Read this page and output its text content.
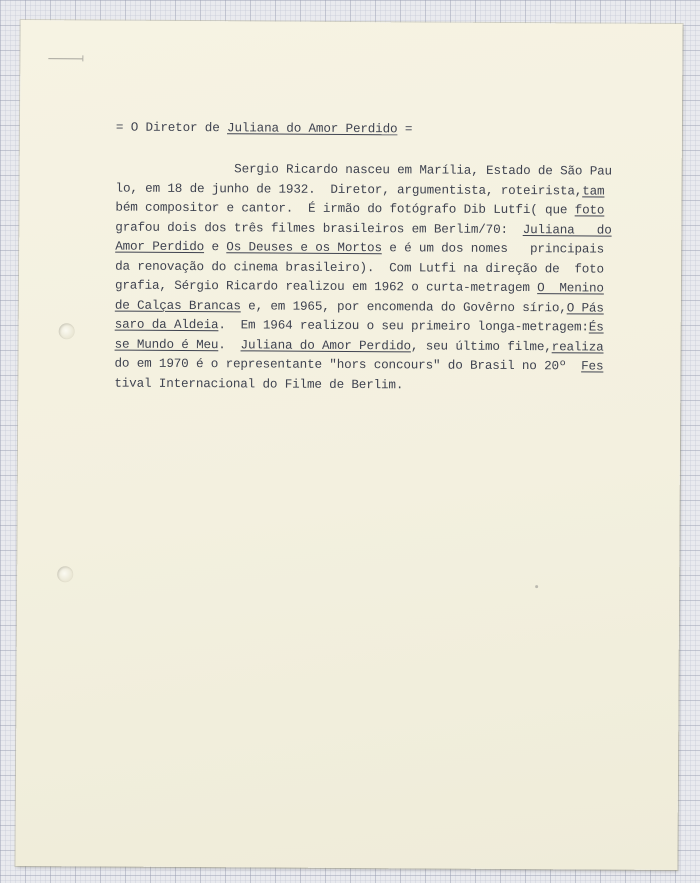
= O Diretor de Juliana do Amor Perdido =
Sergio Ricardo nasceu em Marília, Estado de São Pau
lo, em 18 de junho de 1932.  Diretor, argumentista, roteirista,tam
bém compositor e cantor.  É irmão do fotógrafo Dib Lutfi( que foto
grafou dois dos três filmes brasileiros em Berlim/70:  Juliana   do
Amor Perdido e Os Deuses e os Mortos e é um dos nomes   principais
da renovação do cinema brasileiro).  Com Lutfi na direção de  foto
grafia, Sérgio Ricardo realizou em 1962 o curta-metragem O  Menino
de Calças Brancas e, em 1965, por encomenda do Govêrno sírio,O Pás
saro da Aldeia.  Em 1964 realizou o seu primeiro longa-metragem:És
se Mundo é Meu.  Juliana do Amor Perdido, seu último filme,realiza
do em 1970 é o representante "hors concours" do Brasil no 20º  Fes
tival Internacional do Filme de Berlim.
